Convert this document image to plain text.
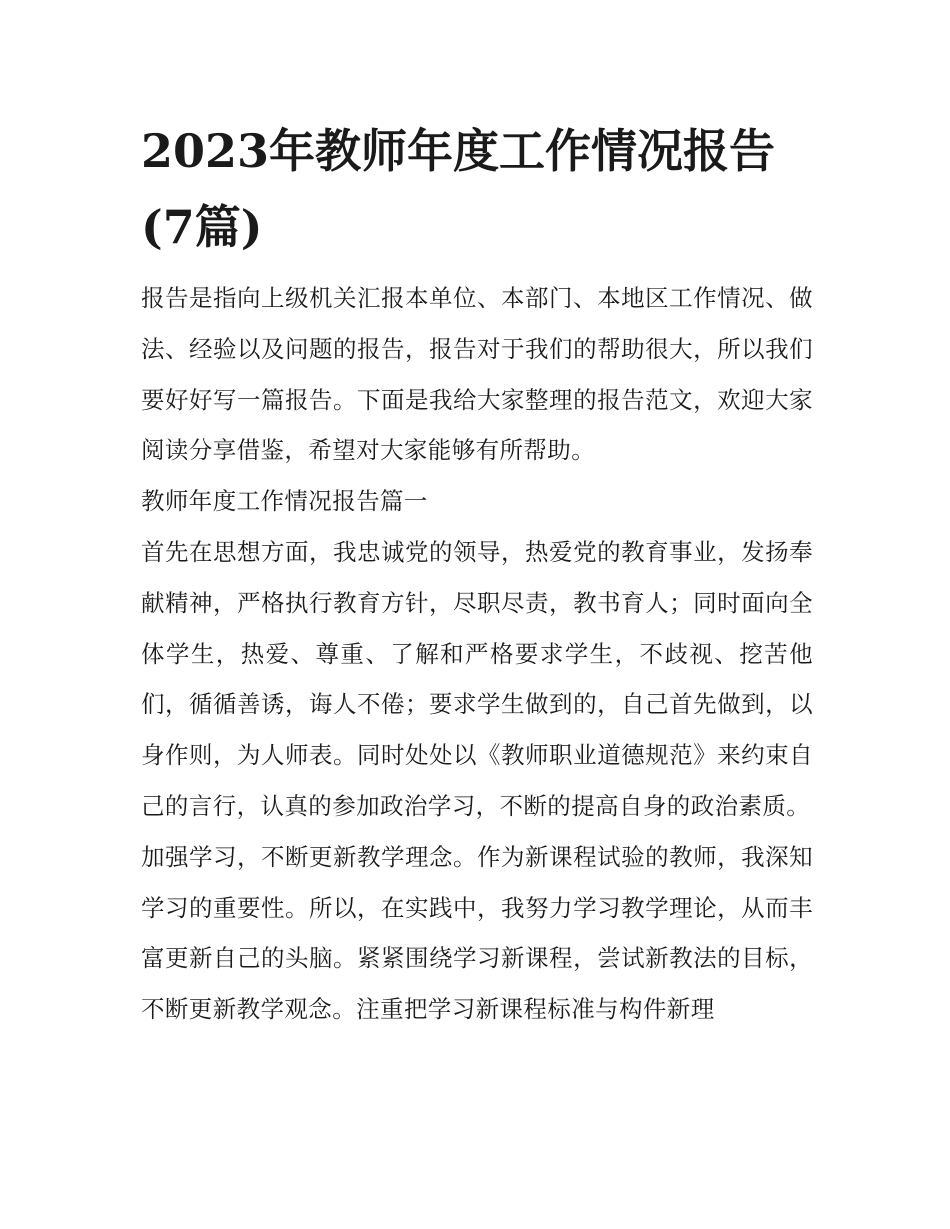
2023年教师年度工作情况报告(7篇)

报告是指向上级机关汇报本单位、本部门、本地区工作情况、做法、经验以及问题的报告，报告对于我们的帮助很大，所以我们要好好写一篇报告。下面是我给大家整理的报告范文，欢迎大家阅读分享借鉴，希望对大家能够有所帮助。

教师年度工作情况报告篇一

首先在思想方面，我忠诚党的领导，热爱党的教育事业，发扬奉献精神，严格执行教育方针，尽职尽责，教书育人；同时面向全体学生，热爱、尊重、了解和严格要求学生，不歧视、挖苦他们，循循善诱，诲人不倦；要求学生做到的，自己首先做到，以身作则，为人师表。同时处处以《教师职业道德规范》来约束自己的言行，认真的参加政治学习，不断的提高自身的政治素质。

加强学习，不断更新教学理念。作为新课程试验的教师，我深知学习的重要性。所以，在实践中，我努力学习教学理论，从而丰富更新自己的头脑。紧紧围绕学习新课程，尝试新教法的目标，不断更新教学观念。注重把学习新课程标准与构件新理
